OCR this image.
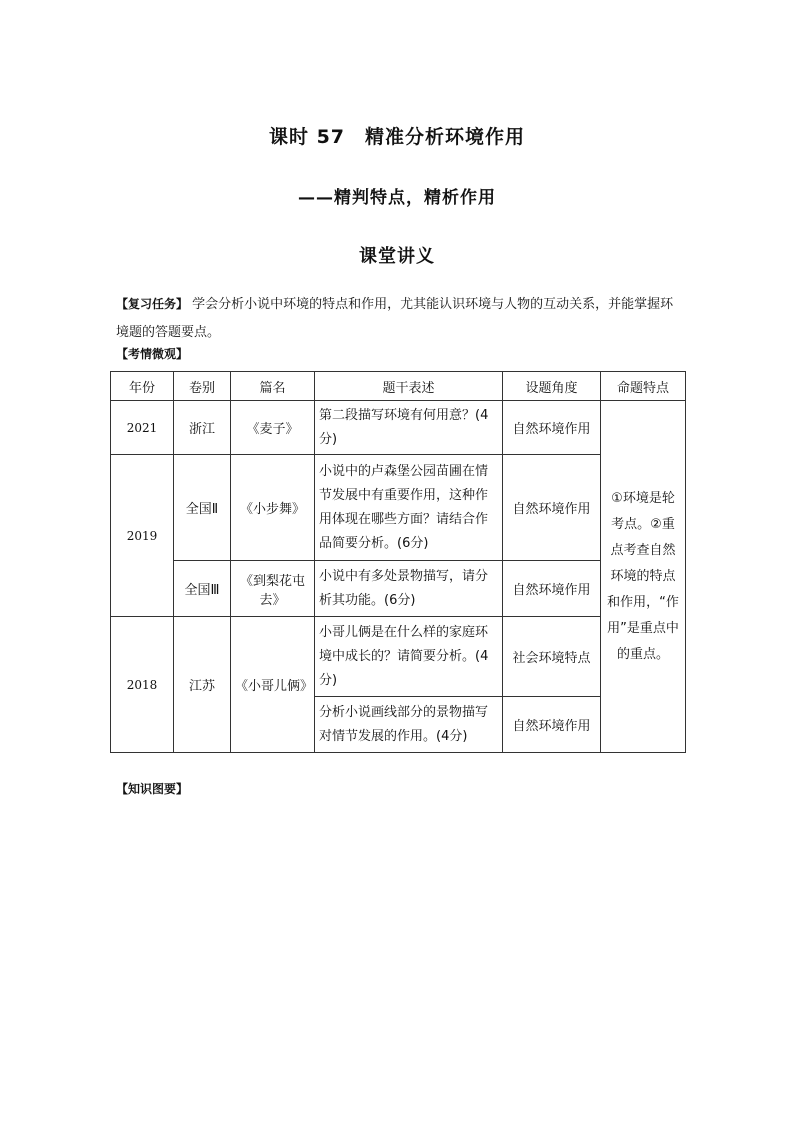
课时 57　精准分析环境作用
——精判特点，精析作用
课堂讲义
【复习任务】 学会分析小说中环境的特点和作用，尤其能认识环境与人物的互动关系，并能掌握环境题的答题要点。
【考情微观】
年份	卷别	篇名	题干表述	设题角度	命题特点
2021	浙江	《麦子》	第二段描写环境有何用意？(4分)	自然环境作用	①环境是轮考点。②重点考查自然环境的特点和作用，“作用”是重点中的重点。
2019	全国Ⅱ	《小步舞》	小说中的卢森堡公园苗圃在情节发展中有重要作用，这种作用体现在哪些方面？请结合作品简要分析。(6分)	自然环境作用	
	全国Ⅲ	《到梨花屯去》	小说中有多处景物描写，请分析其功能。(6分)	自然环境作用	
2018	江苏	《小哥儿俩》	小哥儿俩是在什么样的家庭环境中成长的？请简要分析。(4分)	社会环境特点	
			分析小说画线部分的景物描写对情节发展的作用。(4分)	自然环境作用	
【知识图要】
